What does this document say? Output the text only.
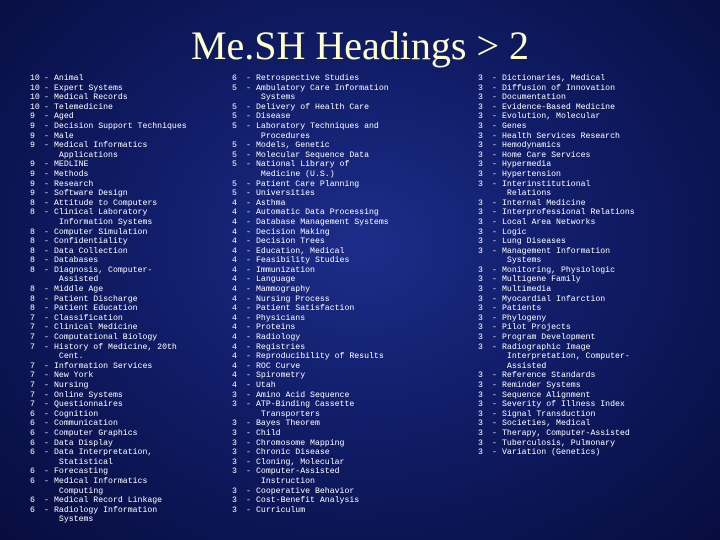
Me.SH Headings > 2
10 - Animal
10 - Expert Systems
10 - Medical Records
10 - Telemedicine
9	- Aged
9	- Decision Support Techniques
9	- Male
9	- Medical Informatics
Applications
9	- MEDLINE
9	- Methods
9	- Research
9	- Software Design
8	- Attitude to Computers
8	- Clinical Laboratory
Information Systems
8	- Computer Simulation
8	- Confidentiality
8	- Data Collection
8	- Databases
8	- Diagnosis, Computer-
Assisted
8	- Middle Age
8	- Patient Discharge
8	- Patient Education
7	- Classification
7	- Clinical Medicine
7	- Computational Biology
7	- History of Medicine, 20th
Cent.
7	- Information Services
7	- New York
7	- Nursing
7	- Online Systems
7	- Questionnaires
6	- Cognition
6	- Communication
6	- Computer Graphics
6	- Data Display
6	- Data Interpretation,
Statistical
6	- Forecasting
6	- Medical Informatics
Computing
6	- Medical Record Linkage
6	- Radiology Information
Systems
6	- Retrospective Studies
5	- Ambulatory Care Information
Systems
5	- Delivery of Health Care
5	- Disease
5	- Laboratory Techniques and
Procedures
5	- Models, Genetic
5	- Molecular Sequence Data
5	- National Library of
Medicine (U.S.)
5	- Patient Care Planning
5	- Universities
4	- Asthma
4	- Automatic Data Processing
4	- Database Management Systems
4	- Decision Making
4	- Decision Trees
4	- Education, Medical
4	- Feasibility Studies
4	- Immunization
4	- Language
4	- Mammography
4	- Nursing Process
4	- Patient Satisfaction
4	- Physicians
4	- Proteins
4	- Radiology
4	- Registries
4	- Reproducibility of Results
4	- ROC Curve
4	- Spirometry
4	- Utah
3	- Amino Acid Sequence
3	- ATP-Binding Cassette
Transporters
3	- Bayes Theorem
3	- Child
3	- Chromosome Mapping
3	- Chronic Disease
3	- Cloning, Molecular
3	- Computer-Assisted
Instruction
3	- Cooperative Behavior
3	- Cost-Benefit Analysis
3	- Curriculum
3	- Dictionaries, Medical
3	- Diffusion of Innovation
3	- Documentation
3	- Evidence-Based Medicine
3	- Evolution, Molecular
3	- Genes
3	- Health Services Research
3	- Hemodynamics
3	- Home Care Services
3	- Hypermedia
3	- Hypertension
3	- Interinstitutional
Relations
3	- Internal Medicine
3	- Interprofessional Relations
3	- Local Area Networks
3	- Logic
3	- Lung Diseases
3	- Management Information
Systems
3	- Monitoring, Physiologic
3	- Multigene Family
3	- Multimedia
3	- Myocardial Infarction
3	- Patients
3	- Phylogeny
3	- Pilot Projects
3	- Program Development
3	- Radiographic Image
Interpretation, Computer-
Assisted
3	- Reference Standards
3	- Reminder Systems
3	- Sequence Alignment
3	- Severity of Illness Index
3	- Signal Transduction
3	- Societies, Medical
3	- Therapy, Computer-Assisted
3	- Tuberculosis, Pulmonary
3	- Variation (Genetics)
